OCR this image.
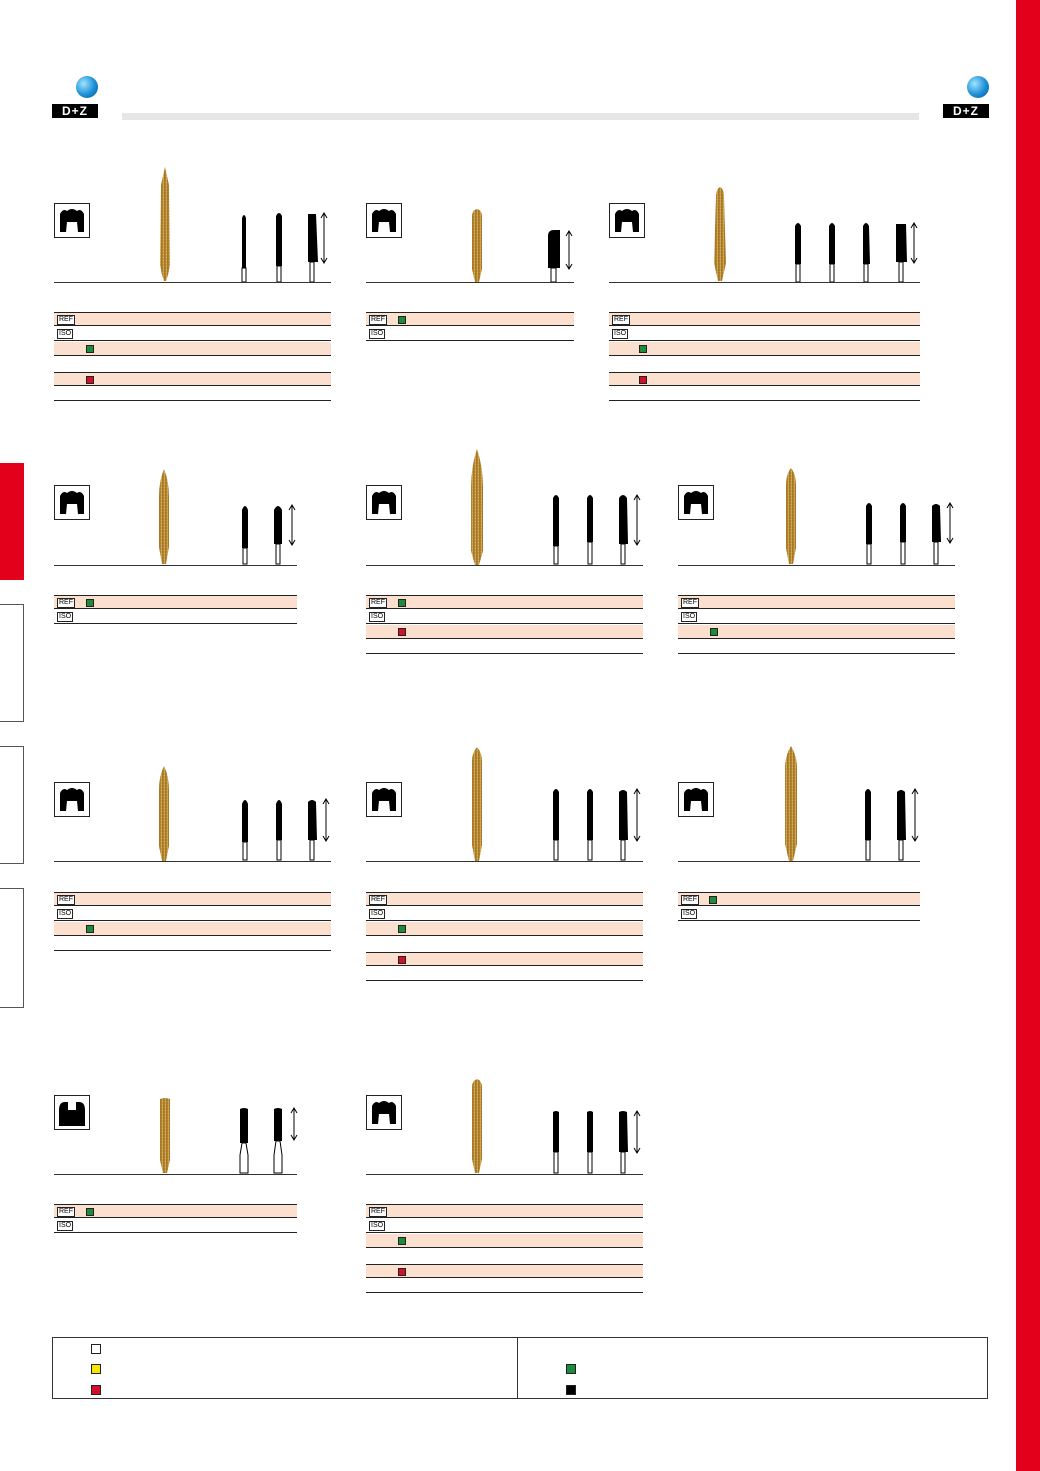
D+Z	D+Z
REF
ISO
REF
ISO
REF
ISO
REF
ISO
REF
ISO
REF
ISO
REF
ISO
REF
ISO
REF
ISO
REF
ISO
REF
ISO
